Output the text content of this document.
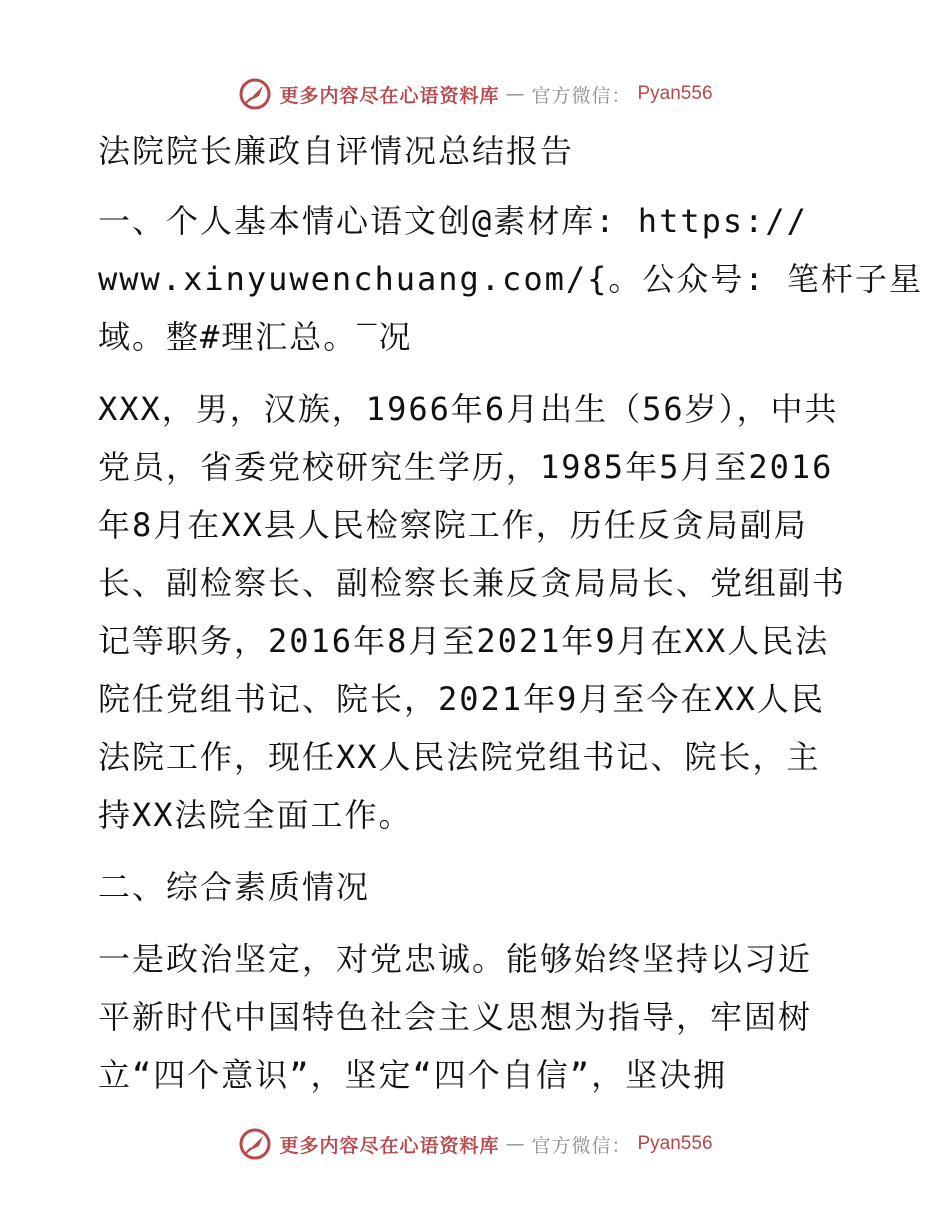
更多内容尽在心语资料库 — 官方微信： Pyan556
法院院长廉政自评情况总结报告
一、个人基本情心语文创@素材库: https://
www.xinyuwenchuang.com/{。公众号: 笔杆子星
域。整#理汇总。‾况
XXX，男，汉族，1966年6月出生（56岁），中共
党员，省委党校研究生学历，1985年5月至2016
年8月在XX县人民检察院工作，历任反贪局副局
长、副检察长、副检察长兼反贪局局长、党组副书
记等职务，2016年8月至2021年9月在XX人民法
院任党组书记、院长，2021年9月至今在XX人民
法院工作，现任XX人民法院党组书记、院长，主
持XX法院全面工作。
二、综合素质情况
一是政治坚定，对党忠诚。能够始终坚持以习近
平新时代中国特色社会主义思想为指导，牢固树
立“四个意识”，坚定“四个自信”，坚决拥
更多内容尽在心语资料库 — 官方微信： Pyan556
